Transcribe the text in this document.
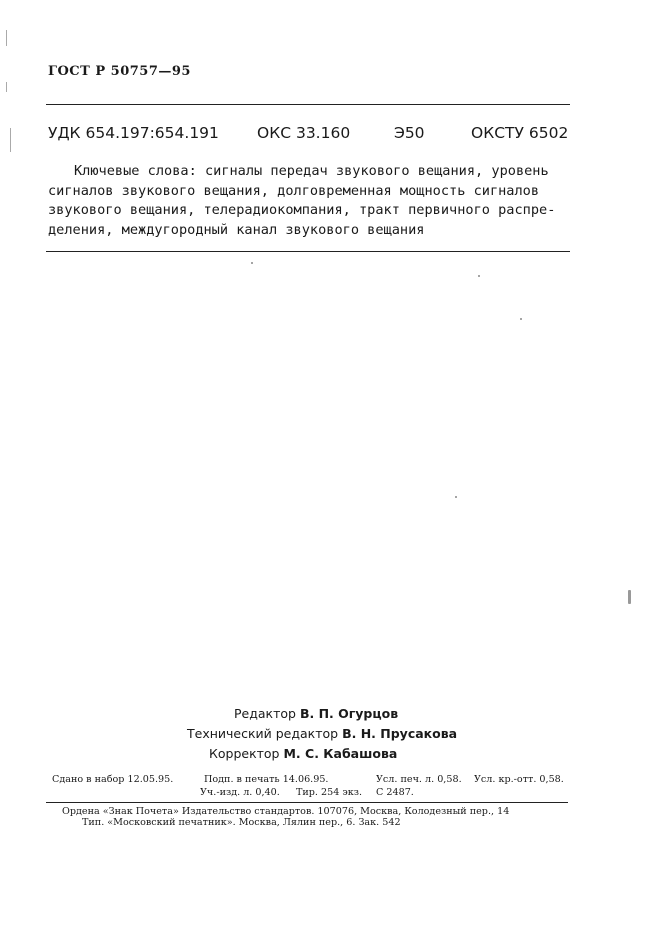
ГОСТ Р 50757—95
УДК 654.197:654.191 ОКС 33.160	Э50	ОКСТУ 6502
Ключевые слова: сигналы передач звукового вещания, уровень
сигналов звукового вещания, долговременная мощность сигналов
звукового вещания, телерадиокомпания, тракт первичного распре-
деления, междугородный канал звукового вещания
Редактор В. П. Огурцов
Технический редактор В. Н. Прусакова
Корректор М. С. Кабашова
Сдано в набор 12.05.95.	Подп. в печать 14.06.95.	Усл. печ. л. 0,58. Усл. кр.-отт. 0,58.
Уч.-изд. л. 0,40. Тир. 254 экз. С 2487.
Ордена «Знак Почета» Издательство стандартов. 107076, Москва, Колодезный пер., 14
Тип. «Московский печатник». Москва, Лялин пер., 6. Зак. 542
